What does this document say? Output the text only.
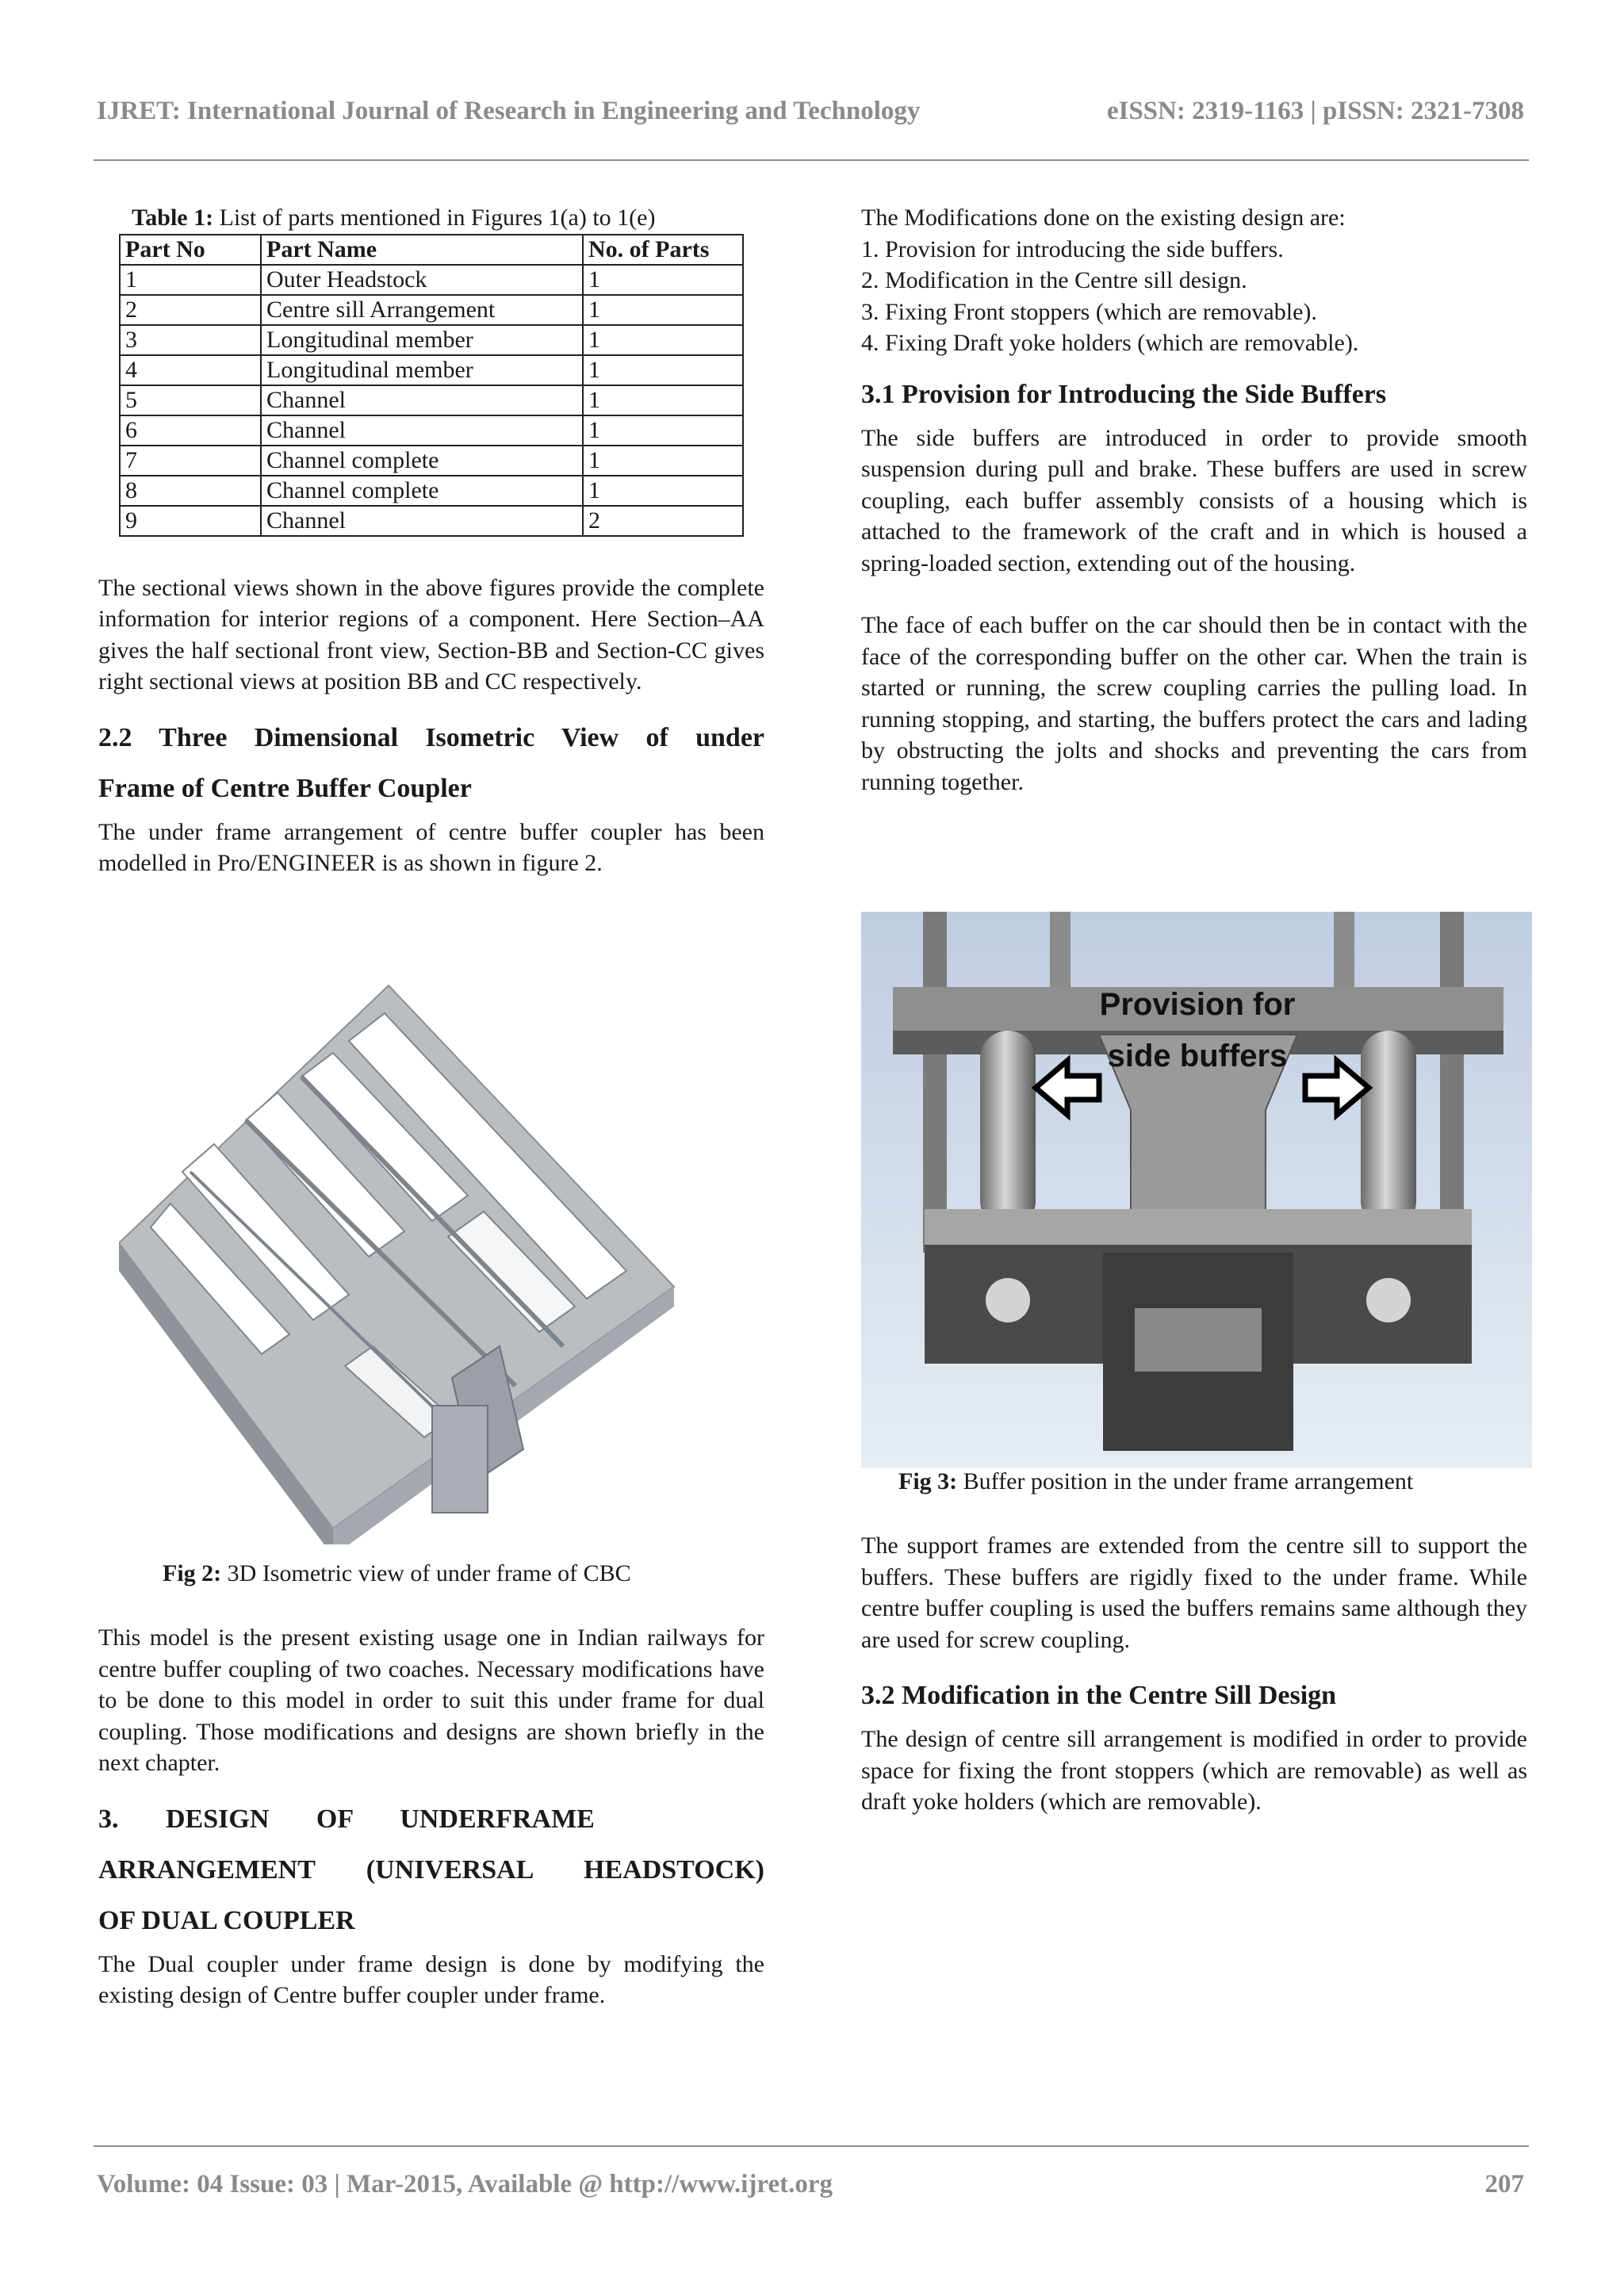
IJRET: International Journal of Research in Engineering and Technology	eISSN: 2319-1163 | pISSN: 2321-7308
Table 1: List of parts mentioned in Figures 1(a) to 1(e)
Part No	Part Name	No. of Parts
1	Outer Headstock	1
2	Centre sill Arrangement	1
3	Longitudinal member	1
4	Longitudinal member	1
5	Channel	1
6	Channel	1
7	Channel complete	1
8	Channel complete	1
9	Channel	2

The sectional views shown in the above figures provide the complete information for interior regions of a component. Here Section–AA gives the half sectional front view, Section-BB and Section-CC gives right sectional views at position BB and CC respectively.

2.2 Three Dimensional Isometric View of under
Frame of Centre Buffer Coupler

The under frame arrangement of centre buffer coupler has been modelled in Pro/ENGINEER is as shown in figure 2.

Fig 2: 3D Isometric view of under frame of CBC

This model is the present existing usage one in Indian railways for centre buffer coupling of two coaches. Necessary modifications have to be done to this model in order to suit this under frame for dual coupling. Those modifications and designs are shown briefly in the next chapter.

3.       DESIGN       OF       UNDERFRAME
ARRANGEMENT (UNIVERSAL HEADSTOCK)
OF DUAL COUPLER

The Dual coupler under frame design is done by modifying the existing design of Centre buffer coupler under frame.

The Modifications done on the existing design are:
1. Provision for introducing the side buffers.
2. Modification in the Centre sill design.
3. Fixing Front stoppers (which are removable).
4. Fixing Draft yoke holders (which are removable).
3.1 Provision for Introducing the Side Buffers

The side buffers are introduced in order to provide smooth suspension during pull and brake. These buffers are used in screw coupling, each buffer assembly consists of a housing which is attached to the framework of the craft and in which is housed a spring-loaded section, extending out of the housing.

The face of each buffer on the car should then be in contact with the face of the corresponding buffer on the other car. When the train is started or running, the screw coupling carries the pulling load. In running stopping, and starting, the buffers protect the cars and lading by obstructing the jolts and shocks and preventing the cars from running together.

Provision for
side buffers
Fig 3: Buffer position in the under frame arrangement

The support frames are extended from the centre sill to support the buffers. These buffers are rigidly fixed to the under frame. While centre buffer coupling is used the buffers remains same although they are used for screw coupling.

3.2 Modification in the Centre Sill Design

The design of centre sill arrangement is modified in order to provide space for fixing the front stoppers (which are removable) as well as draft yoke holders (which are removable).

Volume: 04 Issue: 03 | Mar-2015, Available @ http://www.ijret.org	207
